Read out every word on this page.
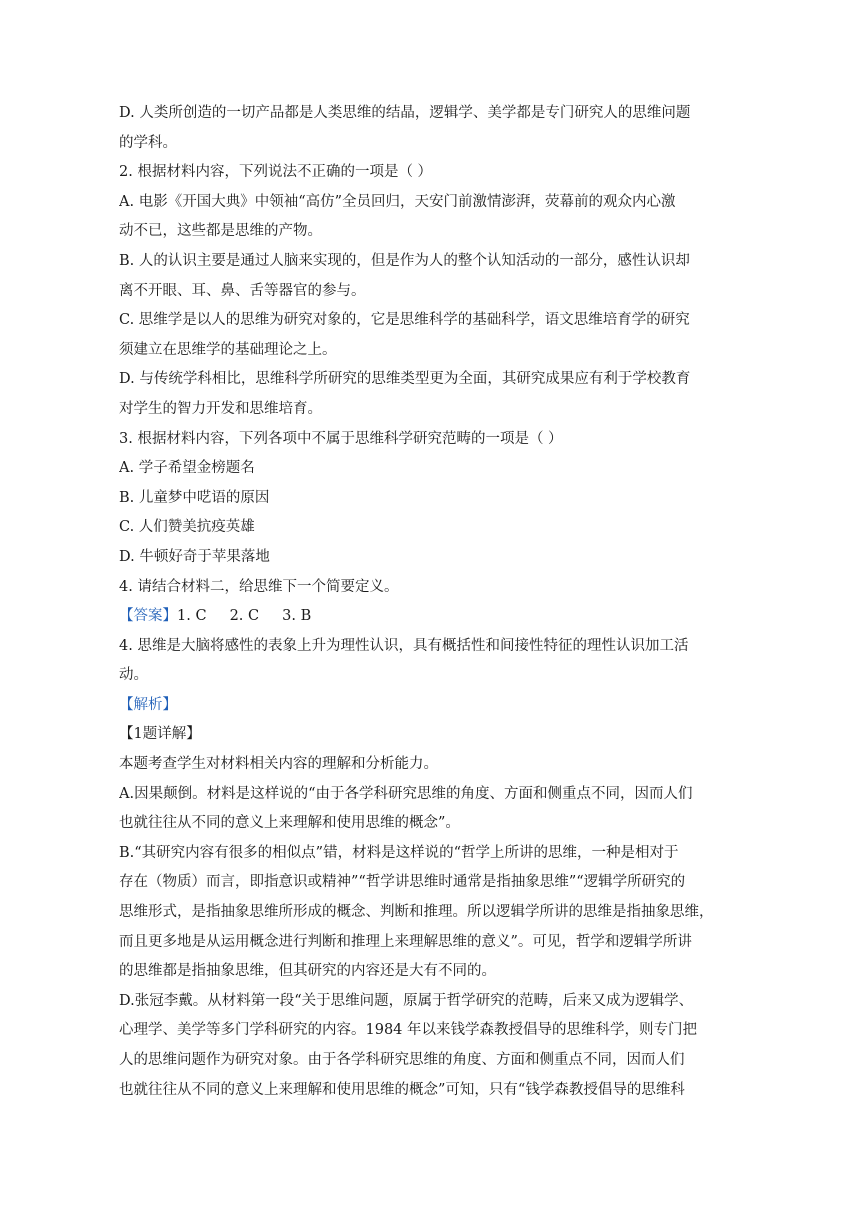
D. 人类所创造的一切产品都是人类思维的结晶，逻辑学、美学都是专门研究人的思维问题
的学科。
2. 根据材料内容，下列说法不正确的一项是（ ）
A. 电影《开国大典》中领袖“高仿”全员回归，天安门前激情澎湃，荧幕前的观众内心激
动不已，这些都是思维的产物。
B. 人的认识主要是通过人脑来实现的，但是作为人的整个认知活动的一部分，感性认识却
离不开眼、耳、鼻、舌等器官的参与。
C. 思维学是以人的思维为研究对象的，它是思维科学的基础科学，语文思维培育学的研究
须建立在思维学的基础理论之上。
D. 与传统学科相比，思维科学所研究的思维类型更为全面，其研究成果应有利于学校教育
对学生的智力开发和思维培育。
3. 根据材料内容，下列各项中不属于思维科学研究范畴的一项是（ ）
A. 学子希望金榜题名
B. 儿童梦中呓语的原因
C. 人们赞美抗疫英雄
D. 牛顿好奇于苹果落地
4. 请结合材料二，给思维下一个简要定义。
【答案】1. C     2. C     3. B
4. 思维是大脑将感性的表象上升为理性认识，具有概括性和间接性特征的理性认识加工活
动。
【解析】
【1题详解】
本题考查学生对材料相关内容的理解和分析能力。
A.因果颠倒。材料是这样说的“由于各学科研究思维的角度、方面和侧重点不同，因而人们
也就往往从不同的意义上来理解和使用思维的概念”。
B.“其研究内容有很多的相似点”错，材料是这样说的“哲学上所讲的思维，一种是相对于
存在（物质）而言，即指意识或精神”“哲学讲思维时通常是指抽象思维”“逻辑学所研究的
思维形式，是指抽象思维所形成的概念、判断和推理。所以逻辑学所讲的思维是指抽象思维，
而且更多地是从运用概念进行判断和推理上来理解思维的意义”。可见，哲学和逻辑学所讲
的思维都是指抽象思维，但其研究的内容还是大有不同的。
D.张冠李戴。从材料第一段“关于思维问题，原属于哲学研究的范畴，后来又成为逻辑学、
心理学、美学等多门学科研究的内容。1984 年以来钱学森教授倡导的思维科学，则专门把
人的思维问题作为研究对象。由于各学科研究思维的角度、方面和侧重点不同，因而人们
也就往往从不同的意义上来理解和使用思维的概念”可知，只有“钱学森教授倡导的思维科
